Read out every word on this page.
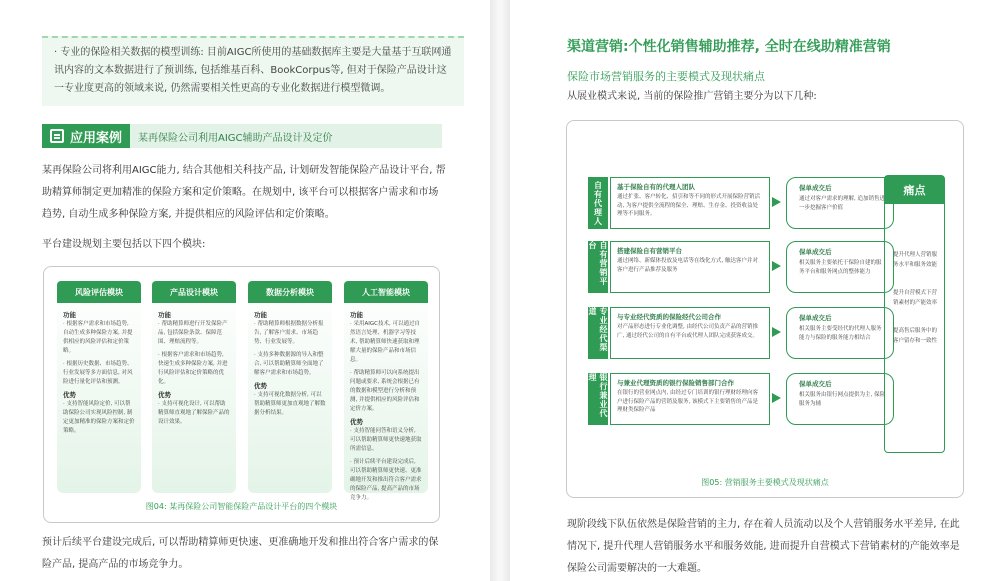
· 专业的保险相关数据的模型训练: 目前AIGC所使用的基础数据库主要是大量基于互联网通讯内容的文本数据进行了预训练, 包括维基百科、BookCorpus等, 但对于保险产品设计这一专业度更高的领域来说, 仍然需要相关性更高的专业化数据进行模型微调。
应用案例	某再保险公司利用AIGC辅助产品设计及定价
某再保险公司将利用AIGC能力, 结合其他相关科技产品, 计划研发智能保险产品设计平台, 帮助精算师制定更加精准的保险方案和定价策略。在规划中, 该平台可以根据客户需求和市场趋势, 自动生成多种保险方案, 并提供相应的风险评估和定价策略。
平台建设规划主要包括以下四个模块:
风险评估模块
功能

· 根据客户需求和市场趋势, 自动生成多种保险方案, 并提供相应的风险评估和定价策略。

· 根据历史数据、市场趋势、行业发展等多方面信息, 对风险进行量化评估和预测。

优势

· 支持智能风险定价, 可以帮助保险公司实现风险控制, 制定更加精准的保险方案和定价策略。

产品设计模块
功能

· 帮助精算师进行开发保险产品, 包括保险条款、保障范围、理赔流程等。

· 根据客户需求和市场趋势, 快速生成多种保险方案, 并进行风险评估和定价策略的优化。

优势

· 支持可视化设计, 可以帮助精算师直观地了解保险产品的设计效果。

数据分析模块
功能

· 帮助精算师根据数据分析报告, 了解客户需求、市场趋势、行业发展等。

· 支持多种数据源的导入和整合, 可以帮助精算师全面地了解客户需求和市场趋势。

优势

· 支持可视化数据分析, 可以帮助精算师更加直观地了解数据分析结果。

人工智能模块
功能

· 采用AIGC技术, 可以通过自然语言处理、机器学习等技术, 帮助精算师快速获取和理解大量的保险产品和市场信息。

· 帮助精算师可以向系统提出问题或要求, 系统会根据已有的数据和模型进行分析和预测, 并提供相应的风险评估和定价方案。

优势

· 支持智能问答和语义分析, 可以帮助精算师更快速地获取所需信息。

· 预计后续平台建设完成后, 可以帮助精算师更快速、更准确地开发和推出符合客户需求的保险产品, 提高产品的市场竞争力。

图04: 某再保险公司智能保险产品设计平台的四个模块
预计后续平台建设完成后, 可以帮助精算师更快速、更准确地开发和推出符合客户需求的保险产品, 提高产品的市场竞争力。
渠道营销:个性化销售辅助推荐, 全时在线助精准营销
保险市场营销服务的主要模式及现状痛点
从展业模式来说, 当前的保险推广营销主要分为以下几种:
自有代理人	基于保险自有的代理人团队
通过扩张、客户转化、招引和等不同的形式开展保险营销活动, 为客户提供全流程的保全、理赔、生存金、投资收益处理等不同服务。
保单成交后
通过对客户需求的理解, 追加销售进一步挖掘客户价值
自有营销平台
搭建保险自有营销平台
通过网络、新媒体投放及电话等在线化方式, 触达客户并对客户进行产品推荐及服务
保单成交后
相关服务主要依托于保险自建的服务平台和服务网点的整体能力
专业经代渠道
与专业经代资质的保险经代公司合作
对产品形态进行专业化调整, 由经代公司负责产品的营销推广, 通过经代公司的自有平台或代理人团队完成获客成交。
保单成交后
相关服务主要受经代的代理人服务能力与保险的服务能力相结合
银行兼业代理
与兼业代理资质的银行保险销售部门合作
在银行的营业网点内, 由经过专门培训的银行理财经理向客户进行保险产品的营销及服务, 该模式下主要销售的产品是理财类保险产品
保单成交后
相关服务由银行网点提供为主, 保险服务为辅
痛点

提升代理人营销服务水平和服务效能

提升自营模式下营销素材的产能效率

提高售后服务中的客户留存和一致性

图05: 营销服务主要模式及现状痛点
现阶段线下队伍依然是保险营销的主力, 存在着人员流动以及个人营销服务水平差异, 在此情况下, 提升代理人营销服务水平和服务效能, 进而提升自营模式下营销素材的产能效率是保险公司需要解决的一大难题。
